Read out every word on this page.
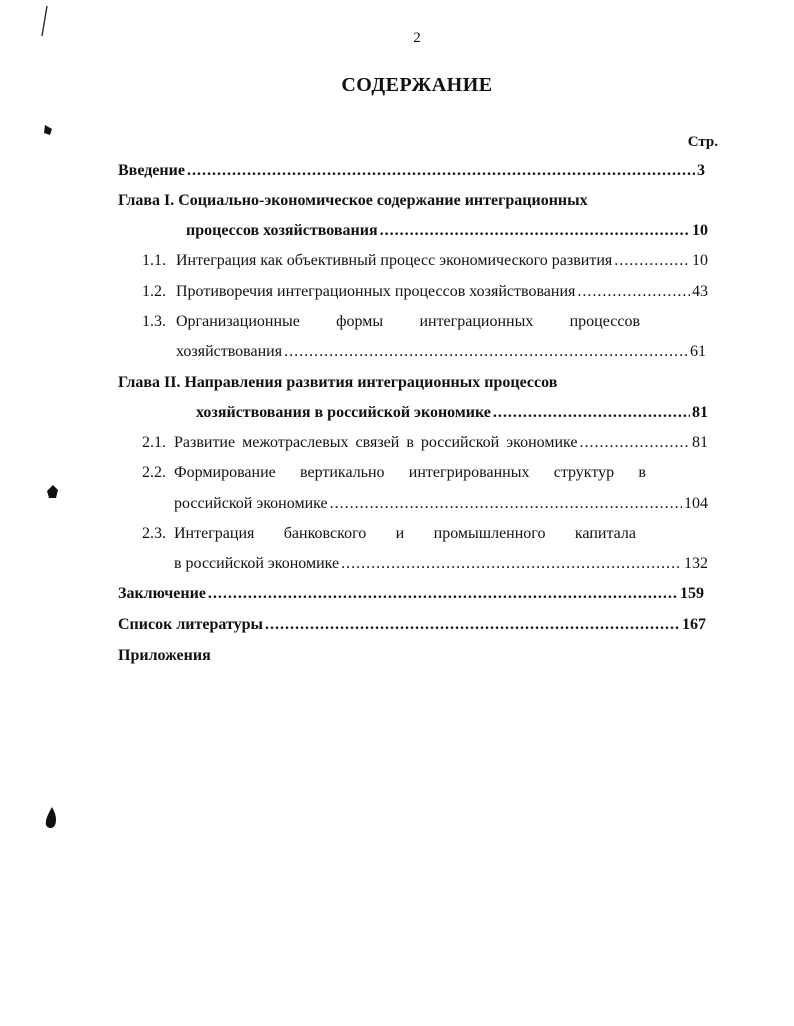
2
СОДЕРЖАНИЕ
Стр.
Введение .....	3
Глава I. Социально-экономическое содержание интеграционных
процессов хозяйствования .....	10
1.1. Интеграция как объективный процесс экономического развития .....	10
1.2. Противоречия интеграционных процессов хозяйствования .....	43
1.3. Организационные формы интеграционных процессов
хозяйствования .....	61
Глава II. Направления развития интеграционных процессов
хозяйствования в российской экономике .....	81
2.1. Развитие межотраслевых связей в российской экономике .....	81
2.2. Формирование вертикально интегрированных структур в
российской экономике .....	104
2.3. Интеграция банковского и промышленного капитала
в российской экономике .....	132
Заключение .....	159
Список литературы .....	167
Приложения
